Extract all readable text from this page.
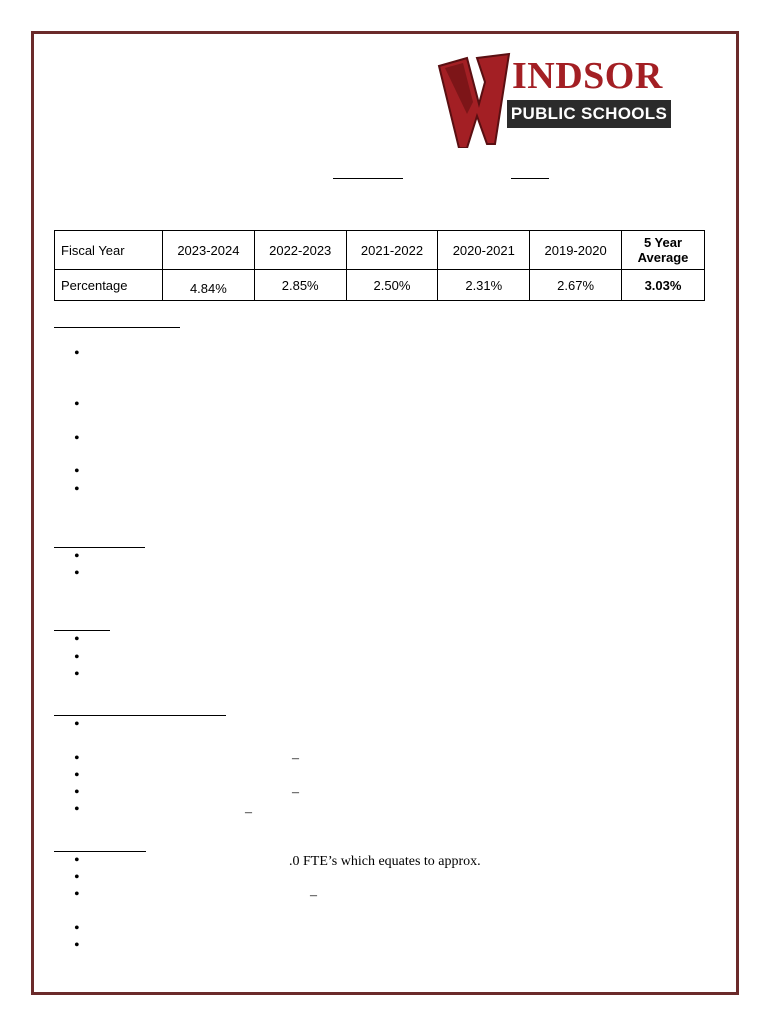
INDSOR
PUBLIC SCHOOLS
Fiscal Year	2023-2024	2022-2023	2021-2022	2020-2021	2019-2020	5 Year Average
Percentage	4.84%	2.85%	2.50%	2.31%	2.67%	3.03%
•
•
•
•
•
•
•
•
•
•
•
•
–
•
•
–
•
–
•
.0 FTE’s which equates to approx.
•
•
–
•
•
